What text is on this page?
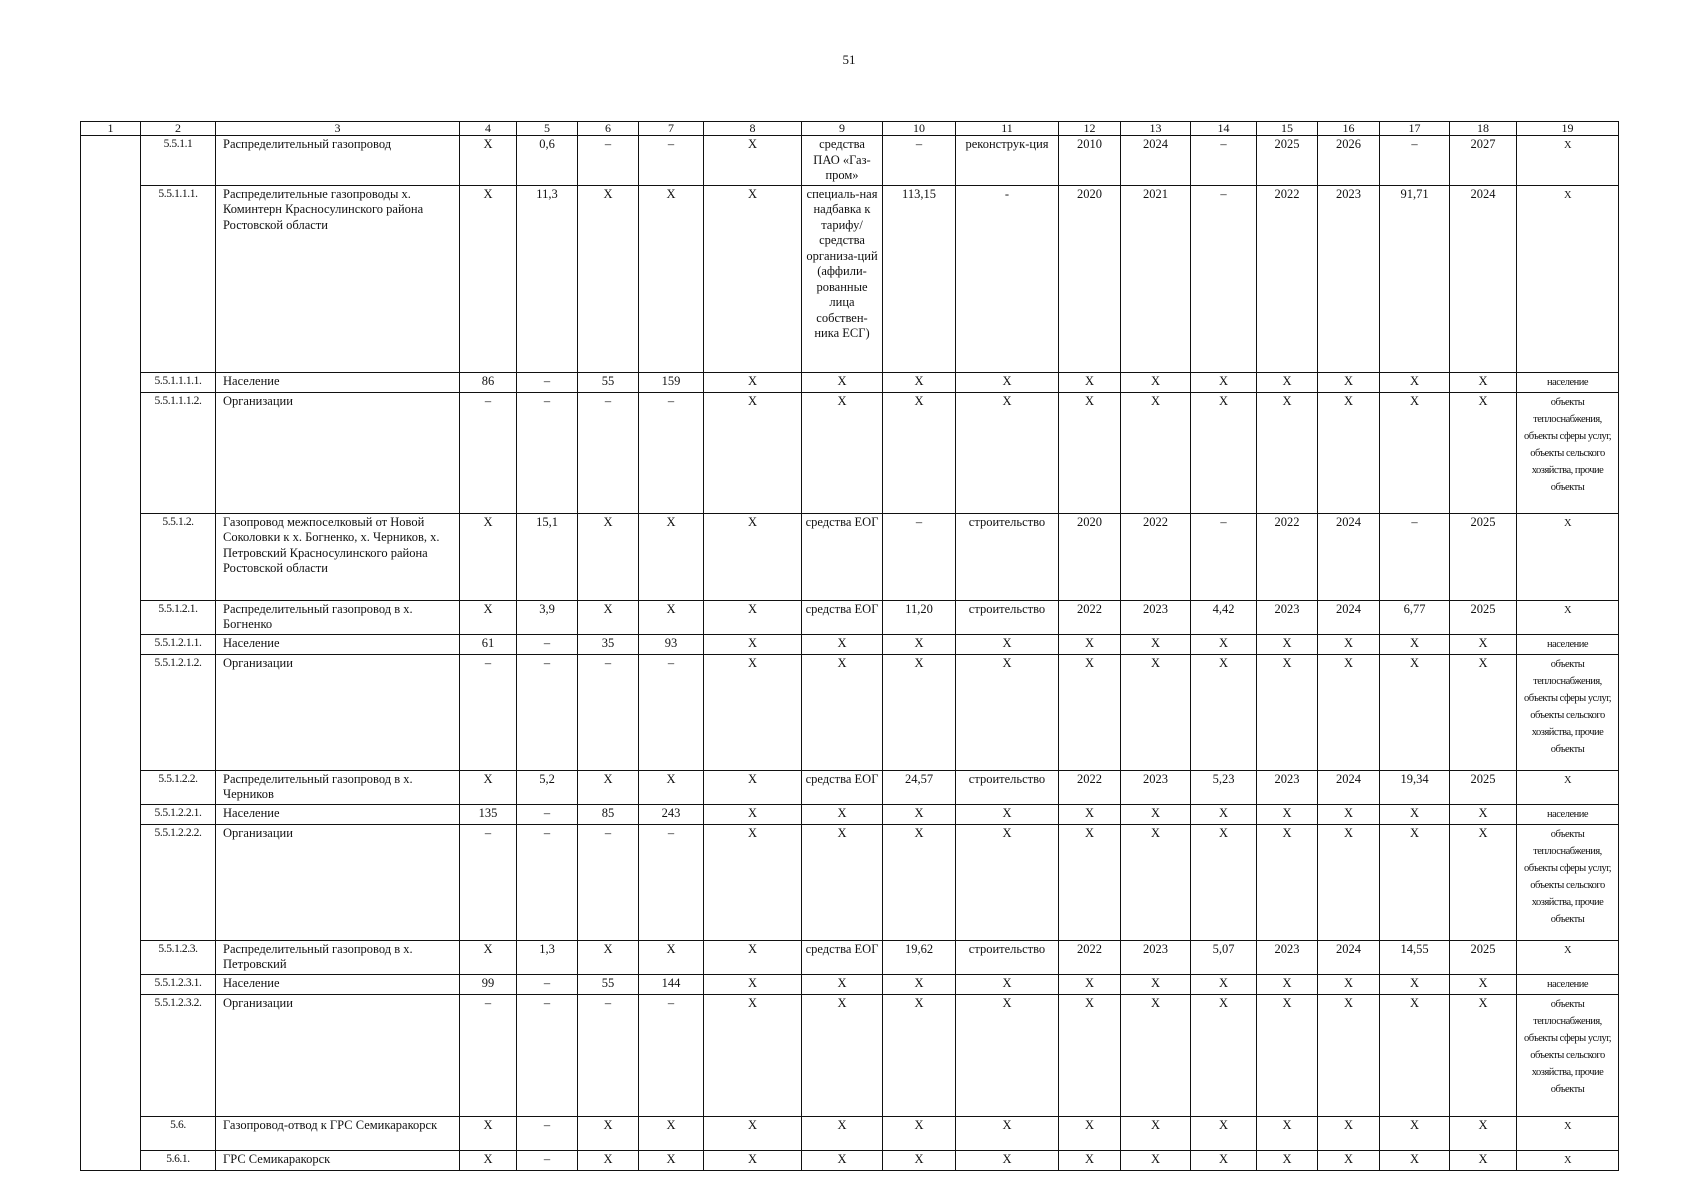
51
1	2	3	4	5	6	7	8	9	10	11	12	13	14	15	16	17	18	19
	5.5.1.1	Распределительный газопровод	Х	0,6	–	–	Х	средства ПАО «Газ-пром»	–	реконструк-ция	2010	2024	–	2025	2026	–	2027	Х
	5.5.1.1.1.	Распределительные газопроводы х. Коминтерн Красносулинского района Ростовской области	Х	11,3	Х	Х	Х	специаль-ная надбавка к тарифу/ средства организа-ций (аффили-рованные лица собствен-ника ЕСГ)	113,15	-	2020	2021	–	2022	2023	91,71	2024	Х
	5.5.1.1.1.1.	Население	86	–	55	159	Х	Х	Х	Х	Х	Х	Х	Х	Х	Х	Х	население
	5.5.1.1.1.2.	Организации	–	–	–	–	Х	Х	Х	Х	Х	Х	Х	Х	Х	Х	Х	объекты теплоснабжения, объекты сферы услуг, объекты сельского хозяйства, прочие объекты
	5.5.1.2.	Газопровод межпоселковый от Новой Соколовки к х. Богненко, х. Черников, х. Петровский Красносулинского района Ростовской области	Х	15,1	Х	Х	Х	средства ЕОГ	–	строительство	2020	2022	–	2022	2024	–	2025	Х
	5.5.1.2.1.	Распределительный газопровод в х. Богненко	Х	3,9	Х	Х	Х	средства ЕОГ	11,20	строительство	2022	2023	4,42	2023	2024	6,77	2025	Х
	5.5.1.2.1.1.	Население	61	–	35	93	Х	Х	Х	Х	Х	Х	Х	Х	Х	Х	Х	население
	5.5.1.2.1.2.	Организации	–	–	–	–	Х	Х	Х	Х	Х	Х	Х	Х	Х	Х	Х	объекты теплоснабжения, объекты сферы услуг, объекты сельского хозяйства, прочие объекты
	5.5.1.2.2.	Распределительный газопровод в х. Черников	Х	5,2	Х	Х	Х	средства ЕОГ	24,57	строительство	2022	2023	5,23	2023	2024	19,34	2025	Х
	5.5.1.2.2.1.	Население	135	–	85	243	Х	Х	Х	Х	Х	Х	Х	Х	Х	Х	Х	население
	5.5.1.2.2.2.	Организации	–	–	–	–	Х	Х	Х	Х	Х	Х	Х	Х	Х	Х	Х	объекты теплоснабжения, объекты сферы услуг, объекты сельского хозяйства, прочие объекты
	5.5.1.2.3.	Распределительный газопровод в х. Петровский	Х	1,3	Х	Х	Х	средства ЕОГ	19,62	строительство	2022	2023	5,07	2023	2024	14,55	2025	Х
	5.5.1.2.3.1.	Население	99	–	55	144	Х	Х	Х	Х	Х	Х	Х	Х	Х	Х	Х	население
	5.5.1.2.3.2.	Организации	–	–	–	–	Х	Х	Х	Х	Х	Х	Х	Х	Х	Х	Х	объекты теплоснабжения, объекты сферы услуг, объекты сельского хозяйства, прочие объекты
	5.6.	Газопровод-отвод к ГРС Семикаракорск	Х	–	Х	Х	Х	Х	Х	Х	Х	Х	Х	Х	Х	Х	Х	Х
	5.6.1.	ГРС Семикаракорск	Х	–	Х	Х	Х	Х	Х	Х	Х	Х	Х	Х	Х	Х	Х	Х
